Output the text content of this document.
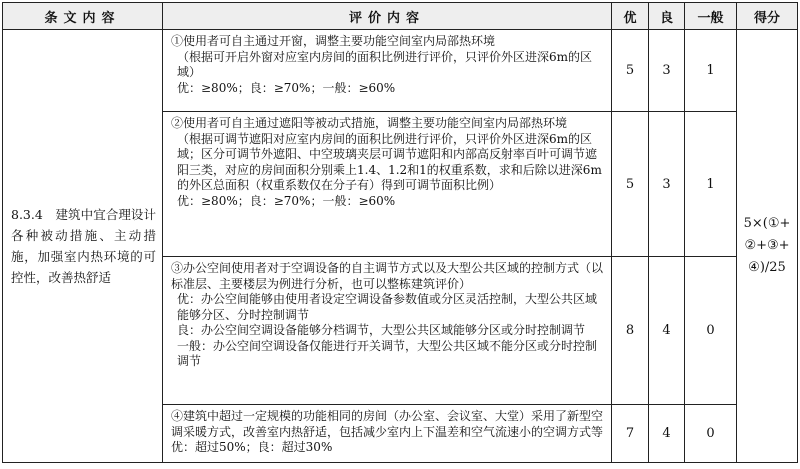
条文内容	评价内容	优	良	一般	得分
8.3.4　建筑中宜合理设计各种被动措施、主动措施，加强室内热环境的可控性，改善热舒适	①使用者可自主通过开窗，调整主要功能空间室内局部热环境
（根据可开启外窗对应室内房间的面积比例进行评价，只评价外区进深6m的区域）
优：≥80%；良：≥70%；一般：≥60%	5	3	1	5×(①+
②+③+
④)/25

	②使用者可自主通过遮阳等被动式措施，调整主要功能空间室内局部热环境
（根据可调节遮阳对应室内房间的面积比例进行评价，只评价外区进深6m的区域；区分可调节外遮阳、中空玻璃夹层可调节遮阳和内部高反射率百叶可调节遮阳三类，对应的房间面积分别乘上1.4、1.2和1的权重系数，求和后除以进深6m的外区总面积（权重系数仅在分子有）得到可调节面积比例）
优：≥80%；良：≥70%；一般：≥60%	5	3	1	

	③办公空间使用者对于空调设备的自主调节方式以及大型公共区域的控制方式（以标准层、主要楼层为例进行分析，也可以整栋建筑评价）
优：办公空间能够由使用者设定空调设备参数值或分区灵活控制，大型公共区域能够分区、分时控制调节
良：办公空间空调设备能够分档调节，大型公共区域能够分区或分时控制调节
一般：办公空间空调设备仅能进行开关调节，大型公共区域不能分区或分时控制调节	8	4	0	

	④建筑中超过一定规模的功能相同的房间（办公室、会议室、大堂）采用了新型空调采暖方式，改善室内热舒适，包括减少室内上下温差和空气流速小的空调方式等　优：超过50%；良：超过30%	7	4	0	
